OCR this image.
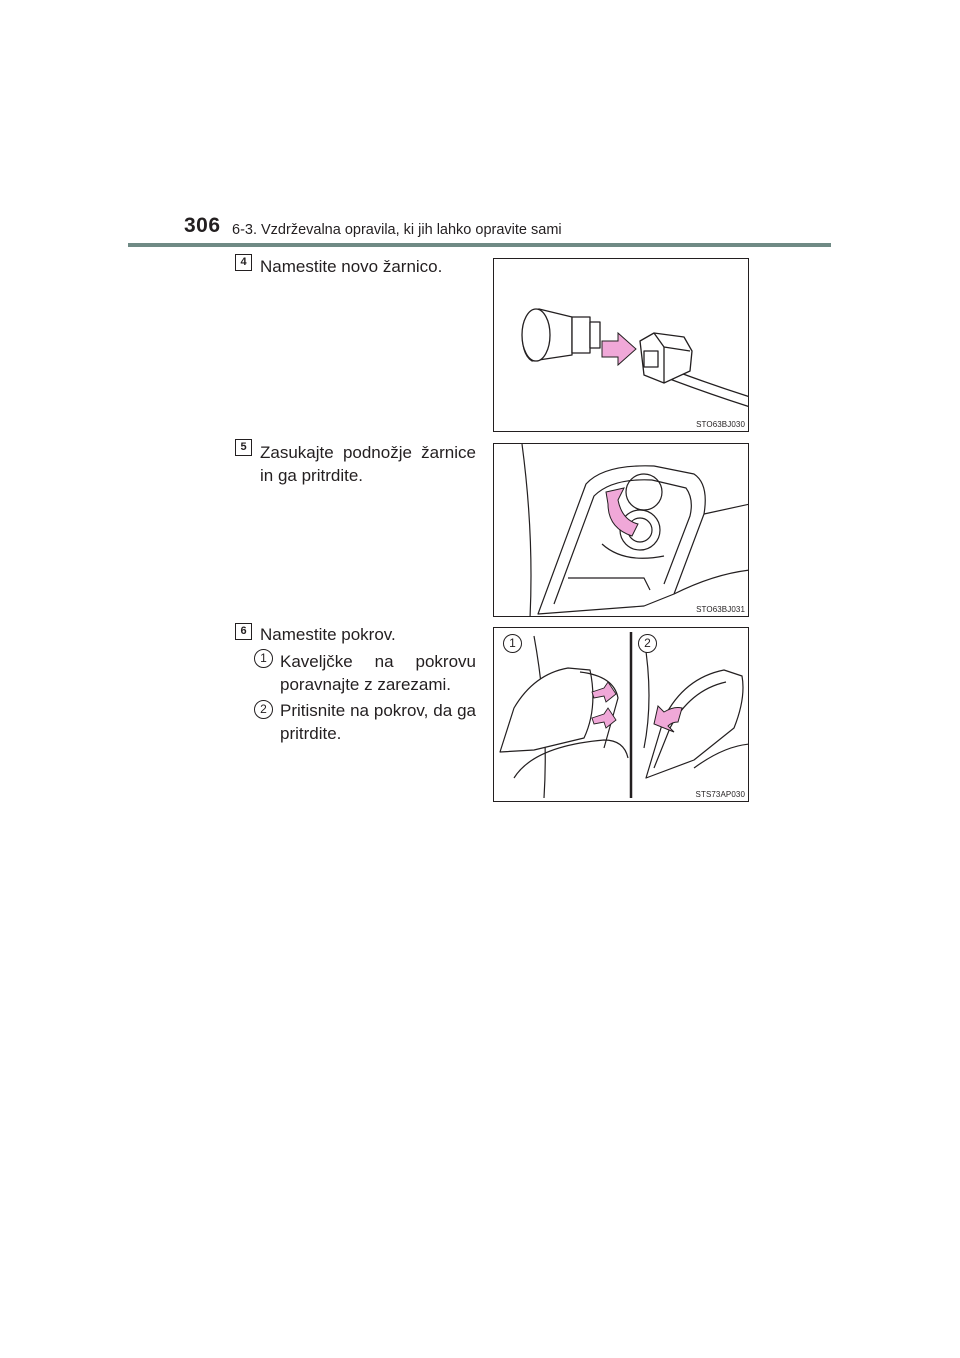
306 6-3. Vzdrževalna opravila, ki jih lahko opravite sami
4 Namestite novo žarnico.
STO63BJ030
5 Zasukajte podnožje žarnice in ga pritrdite.
STO63BJ031
6 Namestite pokrov.
1 Kaveljčke na pokrovu poravnajte z zarezami.
2 Pritisnite na pokrov, da ga pritrdite.
1	2
STS73AP030
